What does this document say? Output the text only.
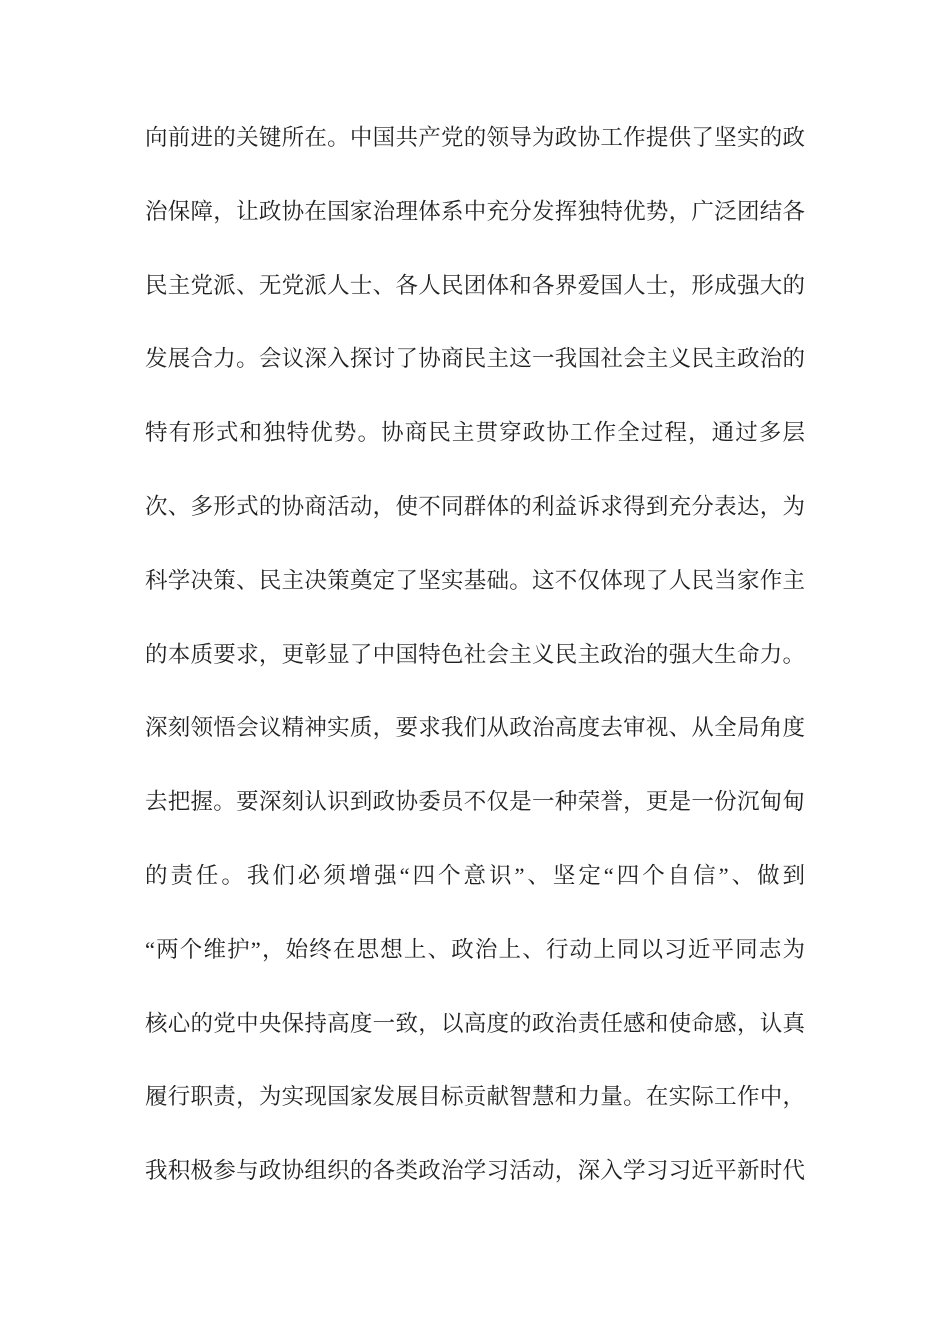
向前进的关键所在。中国共产党的领导为政协工作提供了坚实的政
治保障，让政协在国家治理体系中充分发挥独特优势，广泛团结各
民主党派、无党派人士、各人民团体和各界爱国人士，形成强大的
发展合力。会议深入探讨了协商民主这一我国社会主义民主政治的
特有形式和独特优势。协商民主贯穿政协工作全过程，通过多层
次、多形式的协商活动，使不同群体的利益诉求得到充分表达，为
科学决策、民主决策奠定了坚实基础。这不仅体现了人民当家作主
的本质要求，更彰显了中国特色社会主义民主政治的强大生命力。
深刻领悟会议精神实质，要求我们从政治高度去审视、从全局角度
去把握。要深刻认识到政协委员不仅是一种荣誉，更是一份沉甸甸
的责任。我们必须增强“四个意识”、坚定“四个自信”、做到
“两个维护”，始终在思想上、政治上、行动上同以习近平同志为
核心的党中央保持高度一致，以高度的政治责任感和使命感，认真
履行职责，为实现国家发展目标贡献智慧和力量。在实际工作中，
我积极参与政协组织的各类政治学习活动，深入学习习近平新时代
